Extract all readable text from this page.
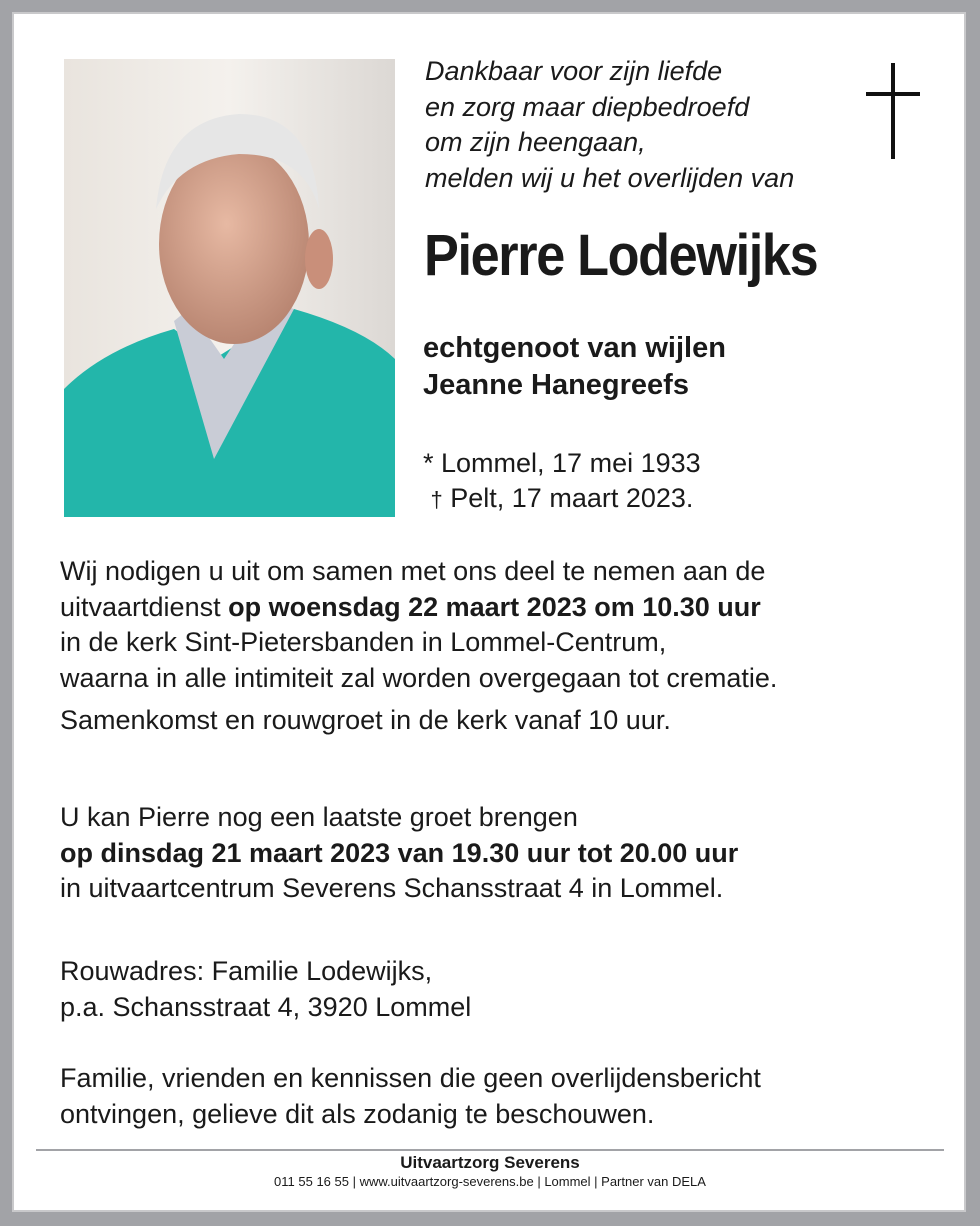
Dankbaar voor zijn liefde
en zorg maar diepbedroefd
om zijn heengaan,
melden wij u het overlijden van
Pierre Lodewijks
echtgenoot van wijlen
Jeanne Hanegreefs
* Lommel, 17 mei 1933
† Pelt, 17 maart 2023.
Wij nodigen u uit om samen met ons deel te nemen aan de
uitvaartdienst op woensdag 22 maart 2023 om 10.30 uur
in de kerk Sint-Pietersbanden in Lommel-Centrum,
waarna in alle intimiteit zal worden overgegaan tot crematie.
Samenkomst en rouwgroet in de kerk vanaf 10 uur.
U kan Pierre nog een laatste groet brengen
op dinsdag 21 maart 2023 van 19.30 uur tot 20.00 uur
in uitvaartcentrum Severens Schansstraat 4 in Lommel.
Rouwadres: Familie Lodewijks,
p.a. Schansstraat 4, 3920 Lommel
Familie, vrienden en kennissen die geen overlijdensbericht
ontvingen, gelieve dit als zodanig te beschouwen.
Uitvaartzorg Severens
011 55 16 55 | www.uitvaartzorg-severens.be | Lommel | Partner van DELA
